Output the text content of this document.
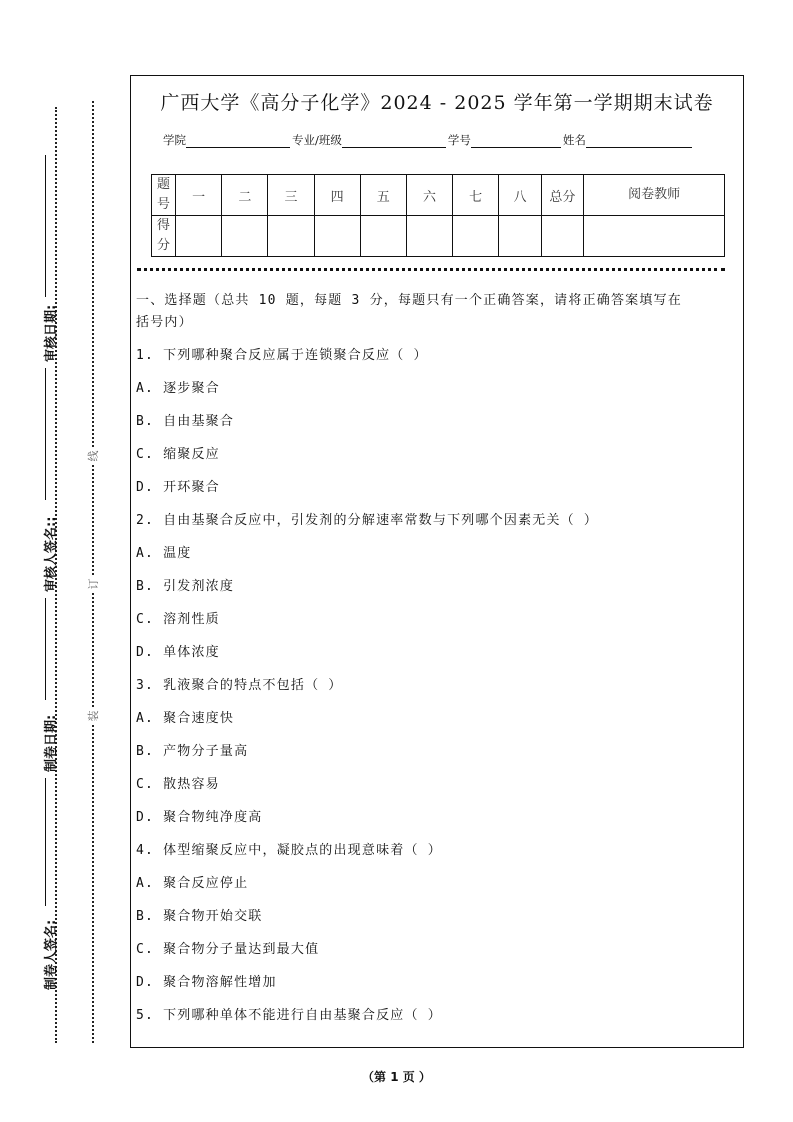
审核日期:
审核人签名::
制卷日期:
制卷人签名:
线
订
装
广西大学《高分子化学》2024 - 2025 学年第一学期期末试卷
学院	专业/班级	学号	姓名
题号	一	二	三	四	五	六	七	八	总分	阅卷教师
得分										
一、选择题（总共 10 题，每题 3 分，每题只有一个正确答案，请将正确答案填写在
括号内）
1. 下列哪种聚合反应属于连锁聚合反应（ ）
A. 逐步聚合
B. 自由基聚合
C. 缩聚反应
D. 开环聚合
2. 自由基聚合反应中，引发剂的分解速率常数与下列哪个因素无关（ ）
A. 温度
B. 引发剂浓度
C. 溶剂性质
D. 单体浓度
3. 乳液聚合的特点不包括（ ）
A. 聚合速度快
B. 产物分子量高
C. 散热容易
D. 聚合物纯净度高
4. 体型缩聚反应中，凝胶点的出现意味着（ ）
A. 聚合反应停止
B. 聚合物开始交联
C. 聚合物分子量达到最大值
D. 聚合物溶解性增加
5. 下列哪种单体不能进行自由基聚合反应（ ）
（第 1 页 ）
